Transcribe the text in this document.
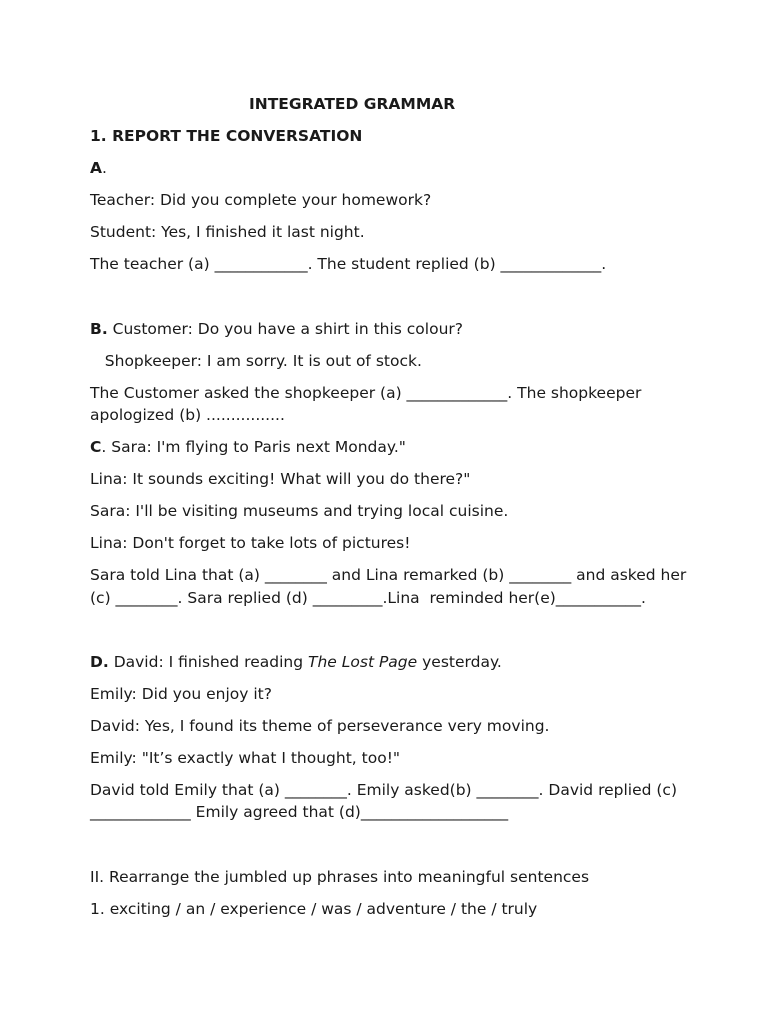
INTEGRATED GRAMMAR
1. REPORT THE CONVERSATION
A.
Teacher: Did you complete your homework?
Student: Yes, I finished it last night.
The teacher (a) ____________. The student replied (b) _____________.
B. Customer: Do you have a shirt in this colour?
Shopkeeper: I am sorry. It is out of stock.
The Customer asked the shopkeeper (a) _____________. The shopkeeper
apologized (b) ................
C. Sara: I'm flying to Paris next Monday."
Lina: It sounds exciting! What will you do there?"
Sara: I'll be visiting museums and trying local cuisine.
Lina: Don't forget to take lots of pictures!
Sara told Lina that (a) ________ and Lina remarked (b) ________ and asked her
(c) ________. Sara replied (d) _________.Lina  reminded her(e)___________.
D. David: I finished reading The Lost Page yesterday.
Emily: Did you enjoy it?
David: Yes, I found its theme of perseverance very moving.
Emily: "It’s exactly what I thought, too!"
David told Emily that (a) ________. Emily asked(b) ________. David replied (c)
_____________ Emily agreed that (d)___________________
II. Rearrange the jumbled up phrases into meaningful sentences
1. exciting / an / experience / was / adventure / the / truly
